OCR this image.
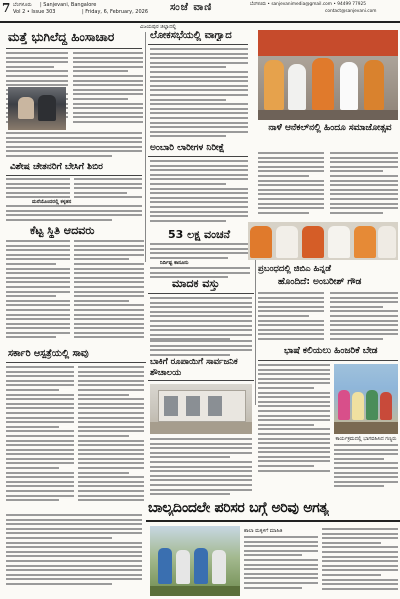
7 ಬೆಂಗಳೂರು | Sanjevani, Bangalore
Vol 2 • Issue 303	| Friday, 6, February, 2026 ಸಂಜೆ ವಾಣಿ	ಬೆಂಗಳೂರು • sanjevanimedia@gmail.com • 94499 77925
contact@sanjevani.com
ವಿಜಯಪುರ ಜಿಲ್ಲಾದಲ್ಲಿ
ಮತ್ತೆ ಭುಗಿಲೆದ್ದ ಹಿಂಸಾಚಾರ
ವಿಶೇಷ ಚೇತನರಿಗೆ ಬೇಸಿಗೆ ಶಿಬಿರ
ಮನೆಯೊಂದರಲ್ಲಿ ಕಳ್ಳತನ
ಕೆಟ್ಟ ಸ್ಥಿತಿ ಆದವರು
ಸರ್ಕಾರಿ ಆಸ್ಪತ್ರೆಯಲ್ಲಿ ಸಾವು
ಲೋಕಸಭೆಯಲ್ಲಿ ವಾಗ್ವಾದ
ಅಂಬಾರಿ ಲಾರೀಗಳ ನಿರೀಕ್ಷೆ
53 ಲಕ್ಷ ವಂಚನೆ
ನಿರ್ದಿಷ್ಟ ಕಾನೂನು
ಮಾದಕ ವಸ್ತು
ಬಾಕಿಗೆ ರೂಪಾಯಿಗೆ ಸಾರ್ವಜನಿಕ ಶೌಚಾಲಯ
ನಾಳೆ ಆನೆಕಲ್‌ನಲ್ಲಿ ಹಿಂದೂ ಸಮಾಜೋತ್ಸವ
ಪ್ರಬಂಧದಲ್ಲಿ ಜಿಬಿಎ ಹಿನ್ನಡೆ
ಹೊಂದಿದೆ: ಅಂಬರೀಶ್ ಗೌಡ
ಭಾಷೆ ಕಲಿಯಲು ಹಿಂಜರಿಕೆ ಬೇಡ
ಕಾರ್ಯಕ್ರಮದಲ್ಲಿ ಭಾಗವಹಿಸಿದ ಗಣ್ಯರು
ಬಾಲ್ಯದಿಂದಲೇ ಪರಿಸರ ಬಗ್ಗೆ ಅರಿವು ಅಗತ್ಯ
ಶಾಲಾ ಮಕ್ಕಳಿಗೆ ಮಾಹಿತಿ
